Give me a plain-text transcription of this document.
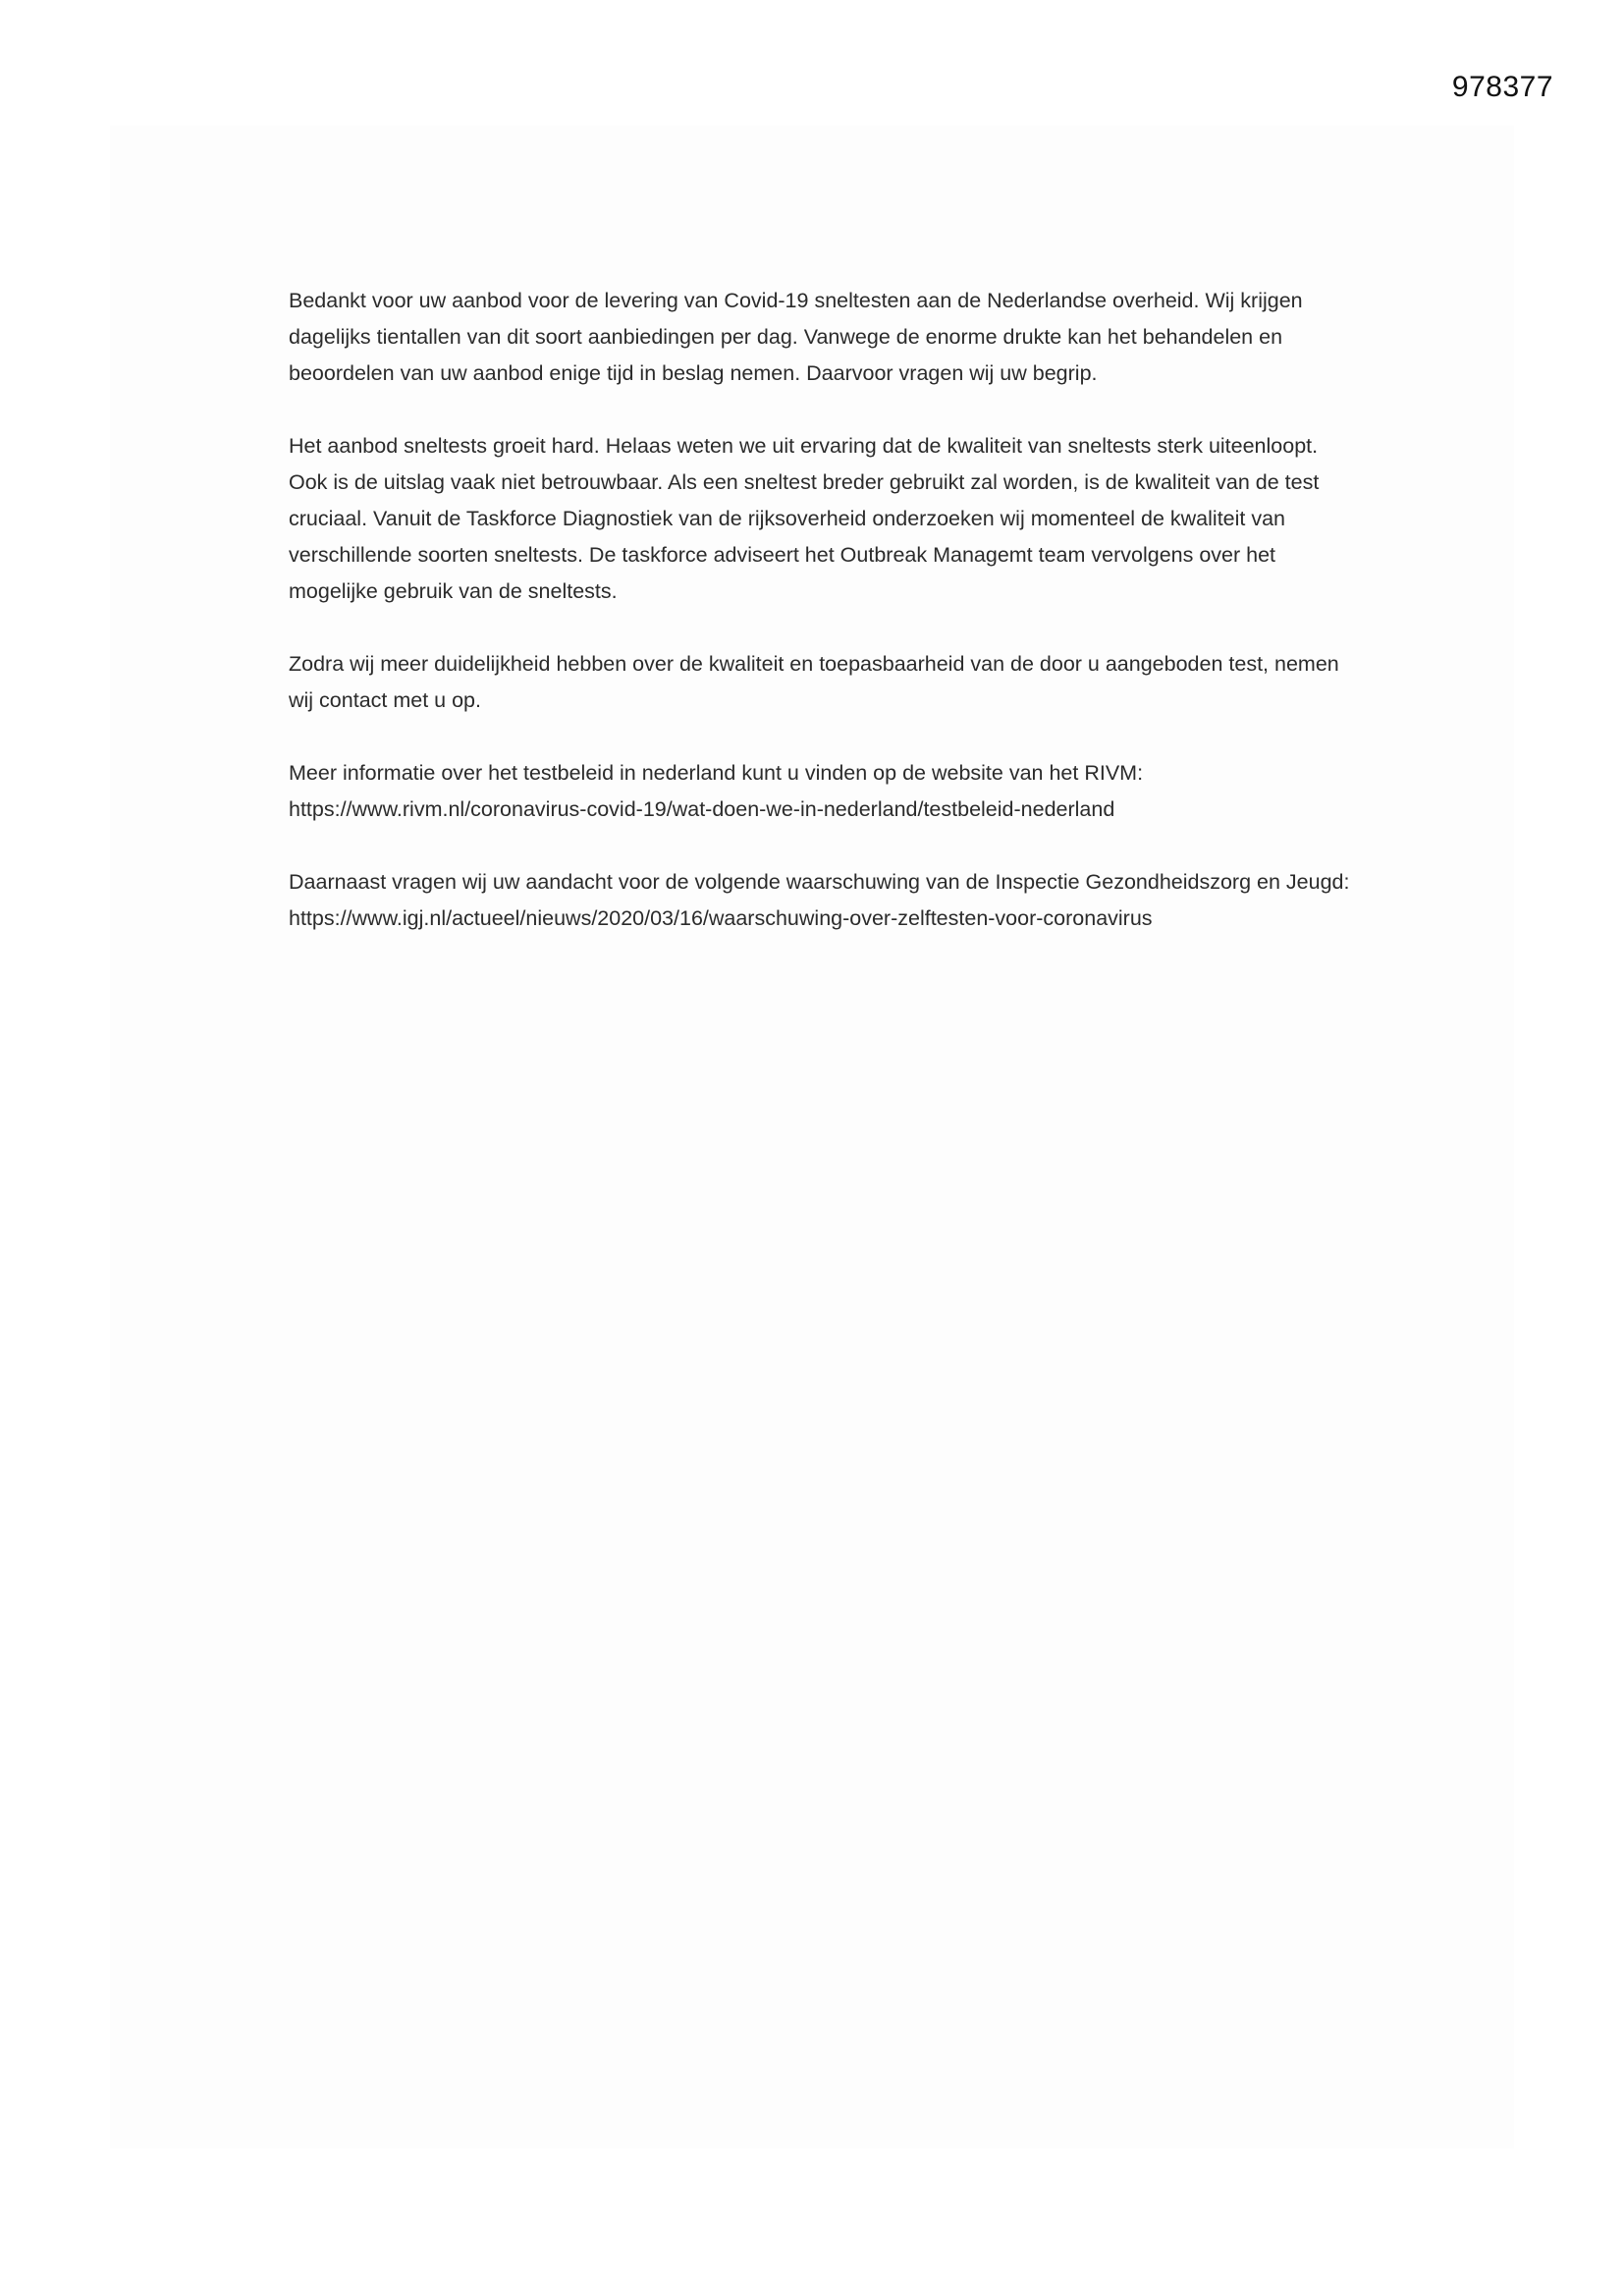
978377

Bedankt voor uw aanbod voor de levering van Covid-19 sneltesten aan de Nederlandse overheid. Wij krijgen dagelijks tientallen van dit soort aanbiedingen per dag. Vanwege de enorme drukte kan het behandelen en beoordelen van uw aanbod enige tijd in beslag nemen. Daarvoor vragen wij uw begrip.

Het aanbod sneltests groeit hard. Helaas weten we uit ervaring dat de kwaliteit van sneltests sterk uiteenloopt. Ook is de uitslag vaak niet betrouwbaar. Als een sneltest breder gebruikt zal worden, is de kwaliteit van de test cruciaal. Vanuit de Taskforce Diagnostiek van de rijksoverheid onderzoeken wij momenteel de kwaliteit van verschillende soorten sneltests. De taskforce adviseert het Outbreak Managemt team vervolgens over het mogelijke gebruik van de sneltests.

Zodra wij meer duidelijkheid hebben over de kwaliteit en toepasbaarheid van de door u aangeboden test, nemen wij contact met u op.

Meer informatie over het testbeleid in nederland kunt u vinden op de website van het RIVM: https://www.rivm.nl/coronavirus-covid-19/wat-doen-we-in-nederland/testbeleid-nederland

Daarnaast vragen wij uw aandacht voor de volgende waarschuwing van de Inspectie Gezondheidszorg en Jeugd: https://www.igj.nl/actueel/nieuws/2020/03/16/waarschuwing-over-zelftesten-voor-coronavirus
